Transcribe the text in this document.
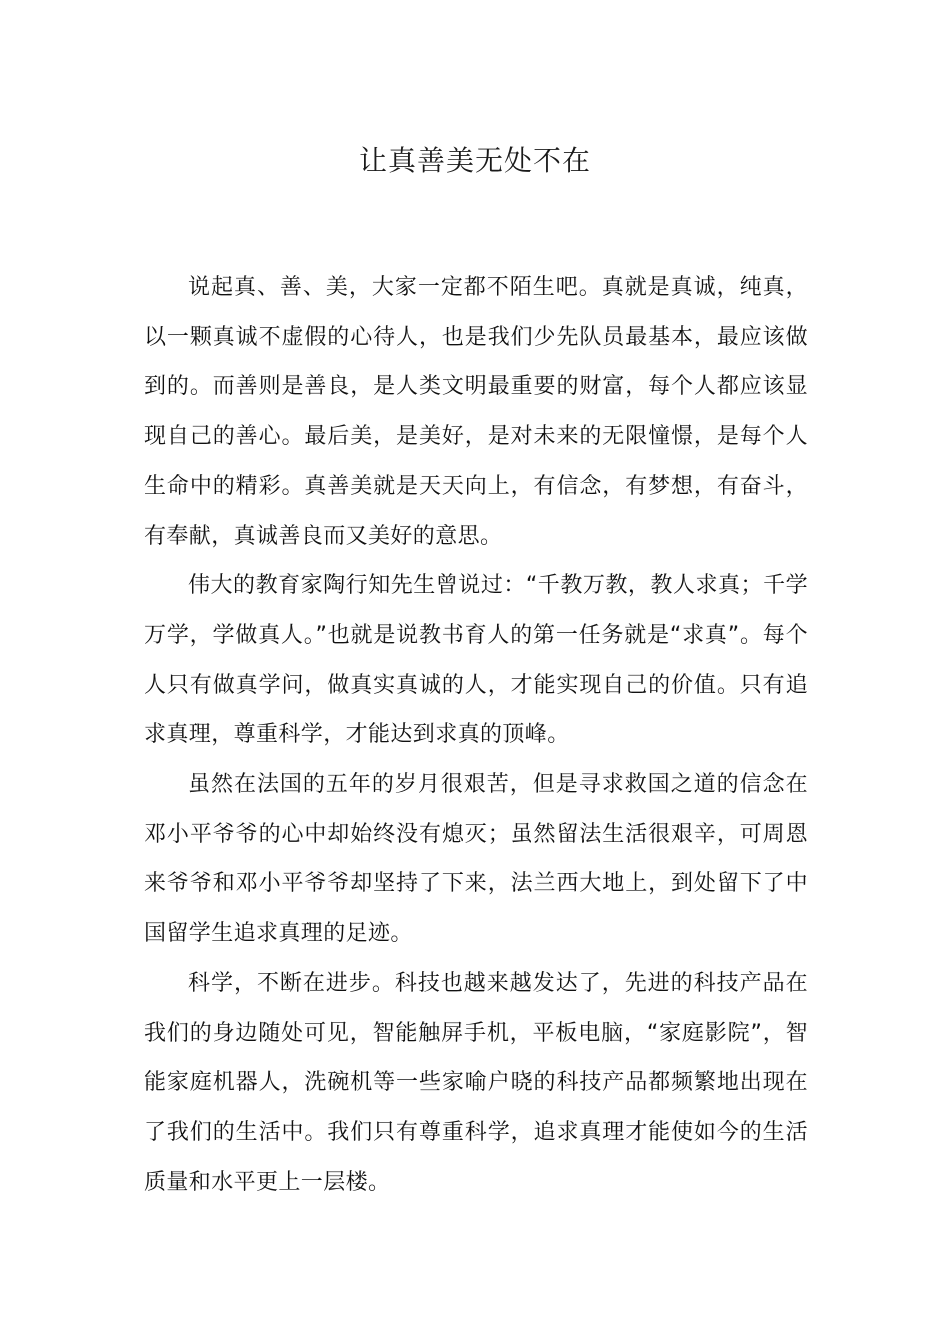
让真善美无处不在

说起真、善、美，大家一定都不陌生吧。真就是真诚，纯真，以一颗真诚不虚假的心待人，也是我们少先队员最基本，最应该做到的。而善则是善良，是人类文明最重要的财富，每个人都应该显现自己的善心。最后美，是美好，是对未来的无限憧憬，是每个人生命中的精彩。真善美就是天天向上，有信念，有梦想，有奋斗，有奉献，真诚善良而又美好的意思。

伟大的教育家陶行知先生曾说过：“千教万教，教人求真；千学万学，学做真人。”也就是说教书育人的第一任务就是“求真”。每个人只有做真学问，做真实真诚的人，才能实现自己的价值。只有追求真理，尊重科学，才能达到求真的顶峰。

虽然在法国的五年的岁月很艰苦，但是寻求救国之道的信念在邓小平爷爷的心中却始终没有熄灭；虽然留法生活很艰辛，可周恩来爷爷和邓小平爷爷却坚持了下来，法兰西大地上，到处留下了中国留学生追求真理的足迹。

科学，不断在进步。科技也越来越发达了，先进的科技产品在我们的身边随处可见，智能触屏手机，平板电脑，“家庭影院”，智能家庭机器人，洗碗机等一些家喻户晓的科技产品都频繁地出现在了我们的生活中。我们只有尊重科学，追求真理才能使如今的生活质量和水平更上一层楼。
